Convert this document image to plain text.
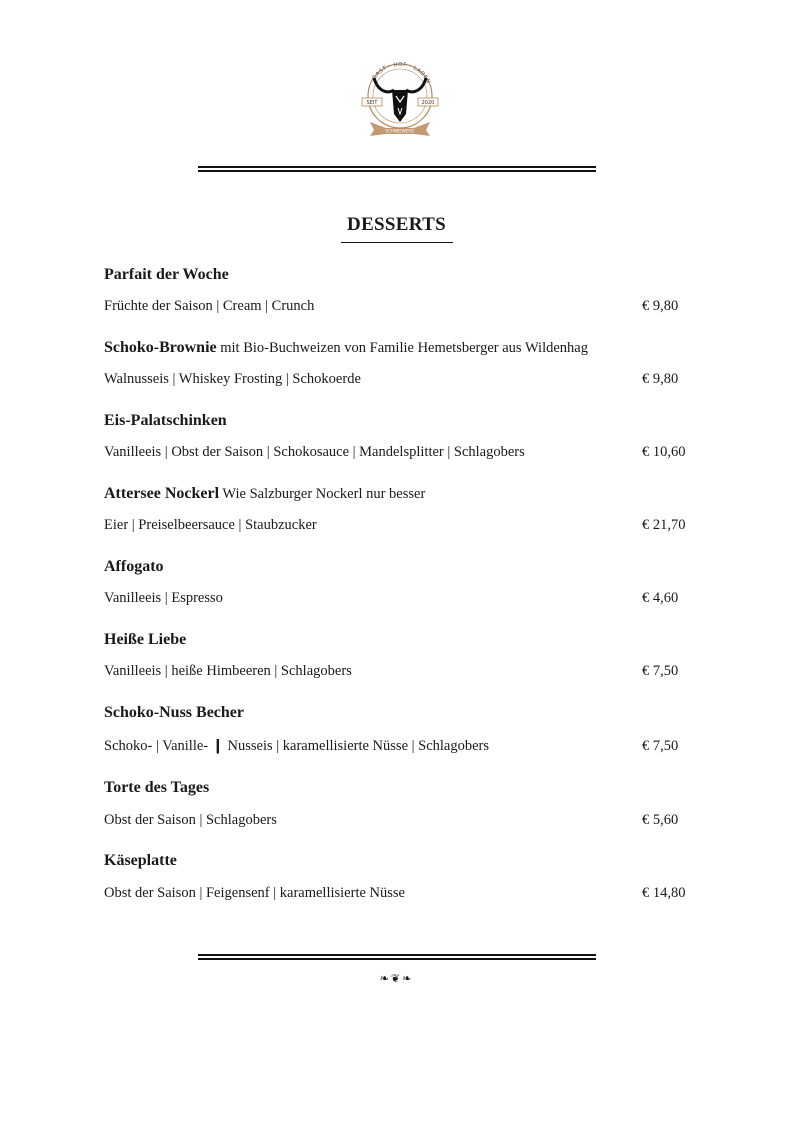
GAST · HOF · LADEN
SEIT	2020
SCHNEEWEISS
DESSERTS
Parfait der Woche
Früchte der Saison | Cream | Crunch	€ 9,80
Schoko-Brownie mit Bio-Buchweizen von Familie Hemetsberger aus Wildenhag
Walnusseis | Whiskey Frosting | Schokoerde	€ 9,80
Eis-Palatschinken
Vanilleeis | Obst der Saison | Schokosauce | Mandelsplitter | Schlagobers	€ 10,60
Attersee Nockerl Wie Salzburger Nockerl nur besser
Eier | Preiselbeersauce | Staubzucker	€ 21,70
Affogato
Vanilleeis | Espresso	€ 4,60
Heiße Liebe
Vanilleeis | heiße Himbeeren | Schlagobers	€ 7,50
Schoko-Nuss Becher
Schoko- | Vanille- ❙ Nusseis | karamellisierte Nüsse | Schlagobers	€ 7,50
Torte des Tages
Obst der Saison | Schlagobers	€ 5,60
Käseplatte
Obst der Saison | Feigensenf | karamellisierte Nüsse	€ 14,80
❧❦❧
